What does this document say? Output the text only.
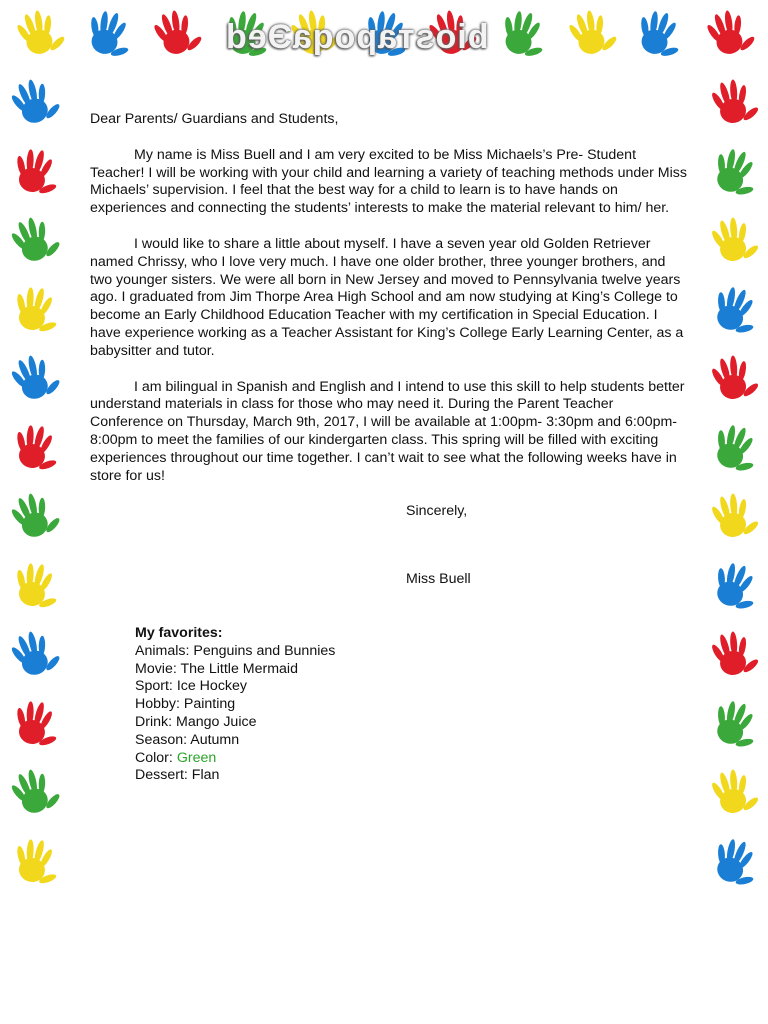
bіosтаpoqaЭed
Dear Parents/ Guardians and Students,
My name is Miss Buell and I am very excited to be Miss Michaels’s Pre- Student Teacher! I will be working with your child and learning a variety of teaching methods under Miss Michaels’ supervision. I feel that the best way for a child to learn is to have hands on experiences and connecting the students’ interests to make the material relevant to him/ her.
I would like to share a little about myself. I have a seven year old Golden Retriever named Chrissy, who I love very much. I have one older brother, three younger brothers, and two younger sisters. We were all born in New Jersey and moved to Pennsylvania twelve years ago. I graduated from Jim Thorpe Area High School and am now studying at King’s College to become an Early Childhood Education Teacher with my certification in Special Education. I have experience working as a Teacher Assistant for King’s College Early Learning Center, as a babysitter and tutor.
I am bilingual in Spanish and English and I intend to use this skill to help students better understand materials in class for those who may need it. During the Parent Teacher Conference on Thursday, March 9th, 2017, I will be available at 1:00pm- 3:30pm and 6:00pm- 8:00pm to meet the families of our kindergarten class. This spring will be filled with exciting experiences throughout our time together. I can’t wait to see what the following weeks have in store for us!
Sincerely,
Miss Buell
My favorites:
Animals: Penguins and Bunnies
Movie: The Little Mermaid
Sport: Ice Hockey
Hobby: Painting
Drink: Mango Juice
Season: Autumn
Color: Green
Dessert: Flan
